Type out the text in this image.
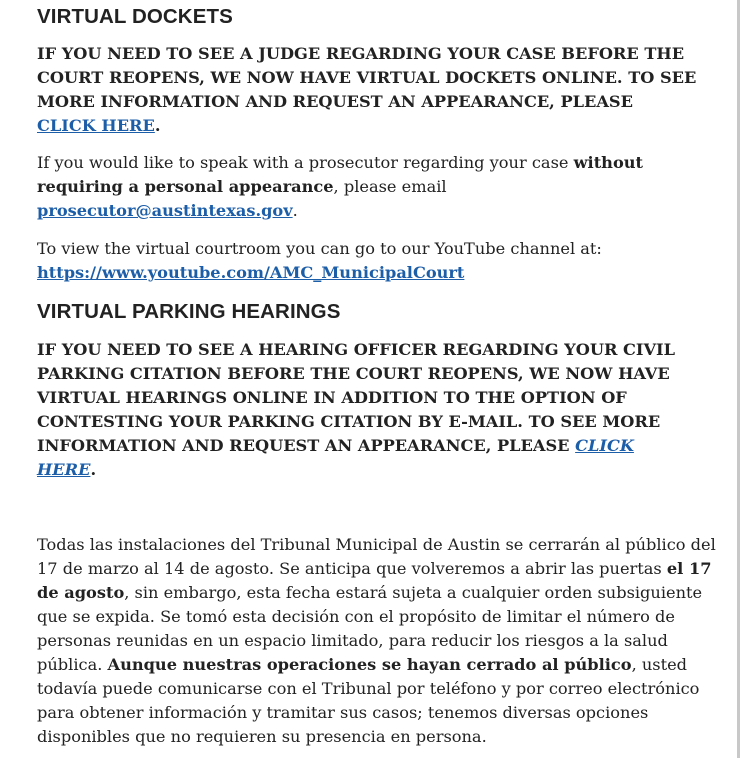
VIRTUAL DOCKETS

IF YOU NEED TO SEE A JUDGE REGARDING YOUR CASE BEFORE THE COURT REOPENS, WE NOW HAVE VIRTUAL DOCKETS ONLINE. TO SEE MORE INFORMATION AND REQUEST AN APPEARANCE, PLEASE CLICK HERE.

If you would like to speak with a prosecutor regarding your case without requiring a personal appearance, please email prosecutor@austintexas.gov.

To view the virtual courtroom you can go to our YouTube channel at: https://www.youtube.com/AMC_MunicipalCourt

VIRTUAL PARKING HEARINGS

IF YOU NEED TO SEE A HEARING OFFICER REGARDING YOUR CIVIL PARKING CITATION BEFORE THE COURT REOPENS, WE NOW HAVE VIRTUAL HEARINGS ONLINE IN ADDITION TO THE OPTION OF CONTESTING YOUR PARKING CITATION BY E-MAIL. TO SEE MORE INFORMATION AND REQUEST AN APPEARANCE, PLEASE CLICK HERE.

Todas las instalaciones del Tribunal Municipal de Austin se cerrarán al público del 17 de marzo al 14 de agosto. Se anticipa que volveremos a abrir las puertas el 17 de agosto, sin embargo, esta fecha estará sujeta a cualquier orden subsiguiente que se expida. Se tomó esta decisión con el propósito de limitar el número de personas reunidas en un espacio limitado, para reducir los riesgos a la salud pública. Aunque nuestras operaciones se hayan cerrado al público, usted todavía puede comunicarse con el Tribunal por teléfono y por correo electrónico para obtener información y tramitar sus casos; tenemos diversas opciones disponibles que no requieren su presencia en persona.
